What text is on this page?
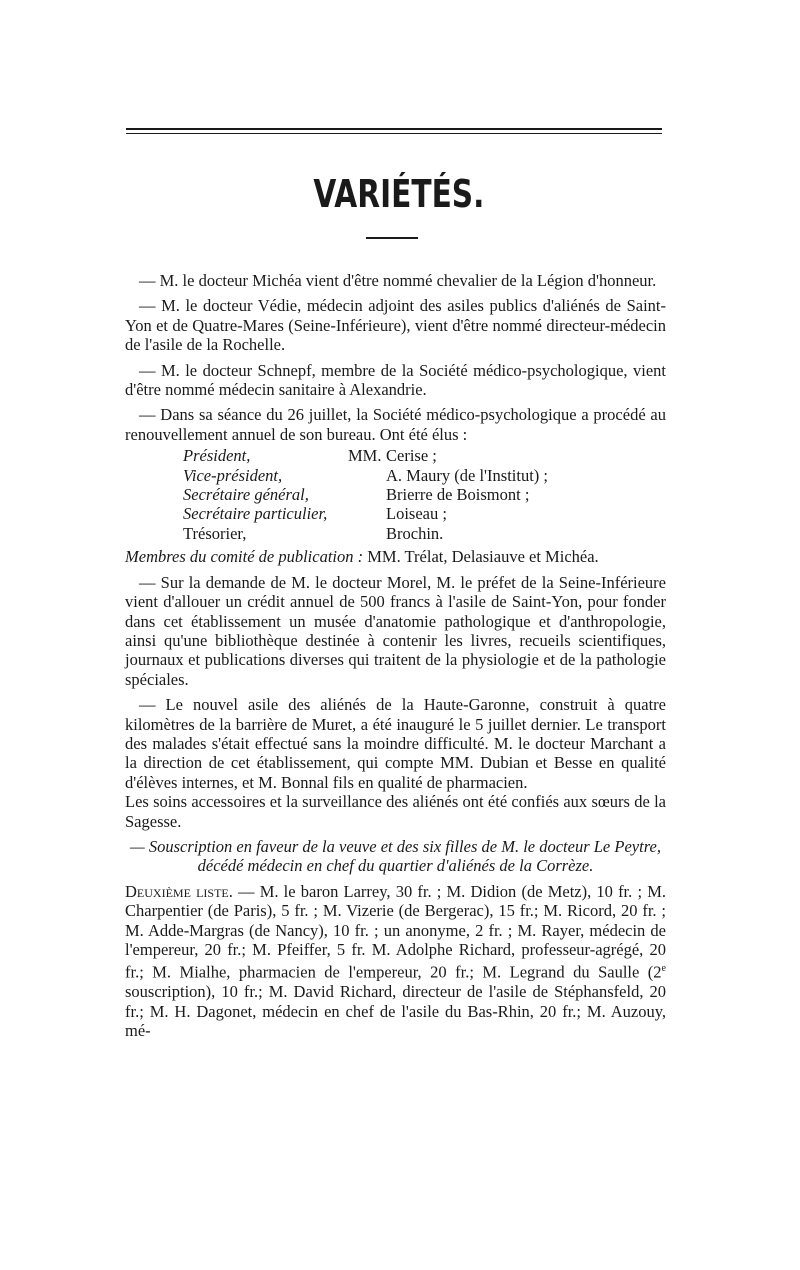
VARIÉTÉS.

— M. le docteur Michéa vient d'être nommé chevalier de la Légion d'honneur.

— M. le docteur Védie, médecin adjoint des asiles publics d'aliénés de Saint-Yon et de Quatre-Mares (Seine-Inférieure), vient d'être nommé directeur-médecin de l'asile de la Rochelle.

— M. le docteur Schnepf, membre de la Société médico-psychologique, vient d'être nommé médecin sanitaire à Alexandrie.

— Dans sa séance du 26 juillet, la Société médico-psychologique a procédé au renouvellement annuel de son bureau. Ont été élus :

Président,	MM.	Cerise ;
Vice-président,		A. Maury (de l'Institut) ;
Secrétaire général,		Brierre de Boismont ;
Secrétaire particulier,		Loiseau ;
Trésorier,		Brochin.

Membres du comité de publication : MM. Trélat, Delasiauve et Michéa.

— Sur la demande de M. le docteur Morel, M. le préfet de la Seine-Inférieure vient d'allouer un crédit annuel de 500 francs à l'asile de Saint-Yon, pour fonder dans cet établissement un musée d'anatomie pathologique et d'anthropologie, ainsi qu'une bibliothèque destinée à contenir les livres, recueils scientifiques, journaux et publications diverses qui traitent de la physiologie et de la pathologie spéciales.

— Le nouvel asile des aliénés de la Haute-Garonne, construit à quatre kilomètres de la barrière de Muret, a été inauguré le 5 juillet dernier. Le transport des malades s'était effectué sans la moindre difficulté. M. le docteur Marchant a la direction de cet établissement, qui compte MM. Dubian et Besse en qualité d'élèves internes, et M. Bonnal fils en qualité de pharmacien.

Les soins accessoires et la surveillance des aliénés ont été confiés aux sœurs de la Sagesse.

— Souscription en faveur de la veuve et des six filles de M. le docteur Le Peytre, décédé médecin en chef du quartier d'aliénés de la Corrèze.

Deuxième liste. — M. le baron Larrey, 30 fr. ; M. Didion (de Metz), 10 fr. ; M. Charpentier (de Paris), 5 fr. ; M. Vizerie (de Bergerac), 15 fr.; M. Ricord, 20 fr. ; M. Adde-Margras (de Nancy), 10 fr. ; un anonyme, 2 fr. ; M. Rayer, médecin de l'empereur, 20 fr.; M. Pfeiffer, 5 fr. M. Adolphe Richard, professeur-agrégé, 20 fr.; M. Mialhe, pharmacien de l'empereur, 20 fr.; M. Legrand du Saulle (2e souscription), 10 fr.; M. David Richard, directeur de l'asile de Stéphansfeld, 20 fr.; M. H. Dagonet, médecin en chef de l'asile du Bas-Rhin, 20 fr.; M. Auzouy, mé-
